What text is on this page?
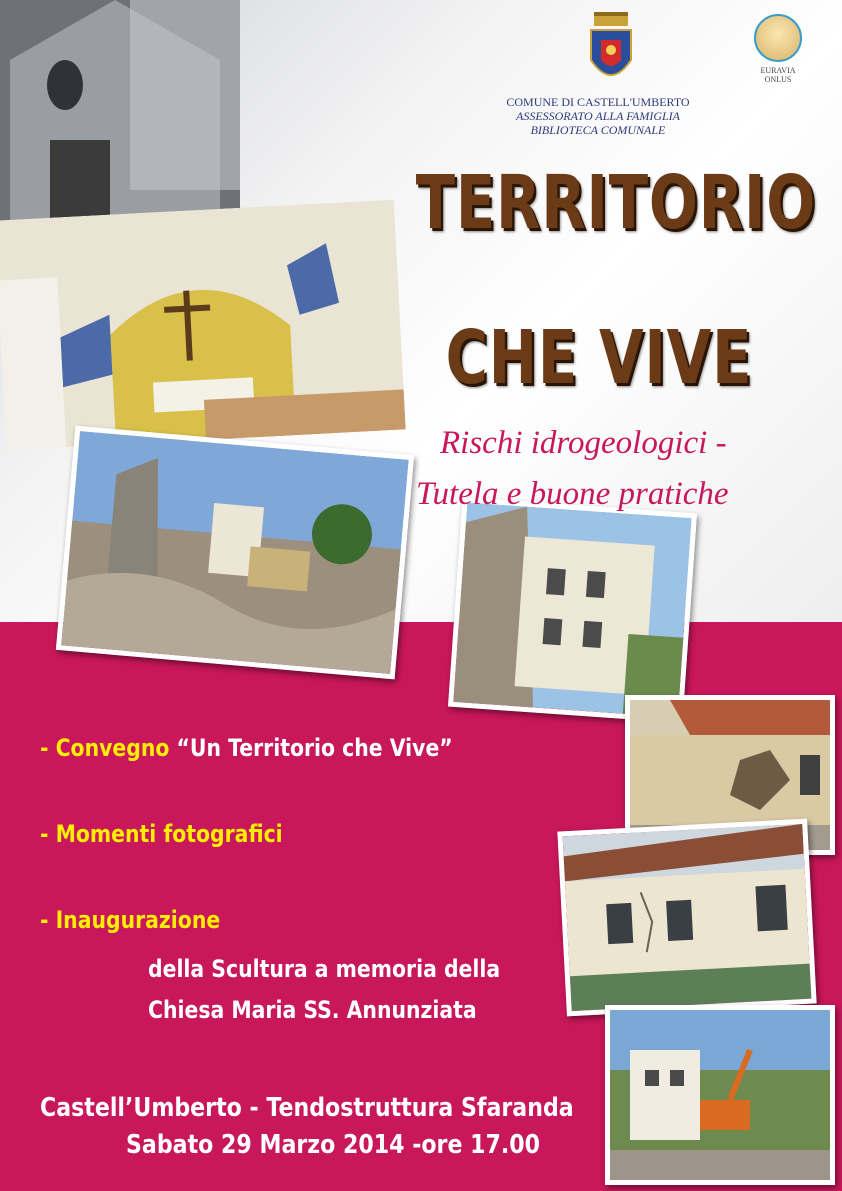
COMUNE DI CASTELL'UMBERTO
ASSESSORATO ALLA FAMIGLIA
BIBLIOTECA COMUNALE
EURAVIA ONLUS
TERRITORIO
CHE VIVE
Rischi idrogeologici -
Tutela e buone pratiche
- Convegno “Un Territorio che Vive”
- Momenti fotografici
- Inaugurazione
della Scultura a memoria della
Chiesa Maria SS. Annunziata
Castell’Umberto - Tendostruttura Sfaranda
Sabato 29 Marzo 2014 -ore 17.00
